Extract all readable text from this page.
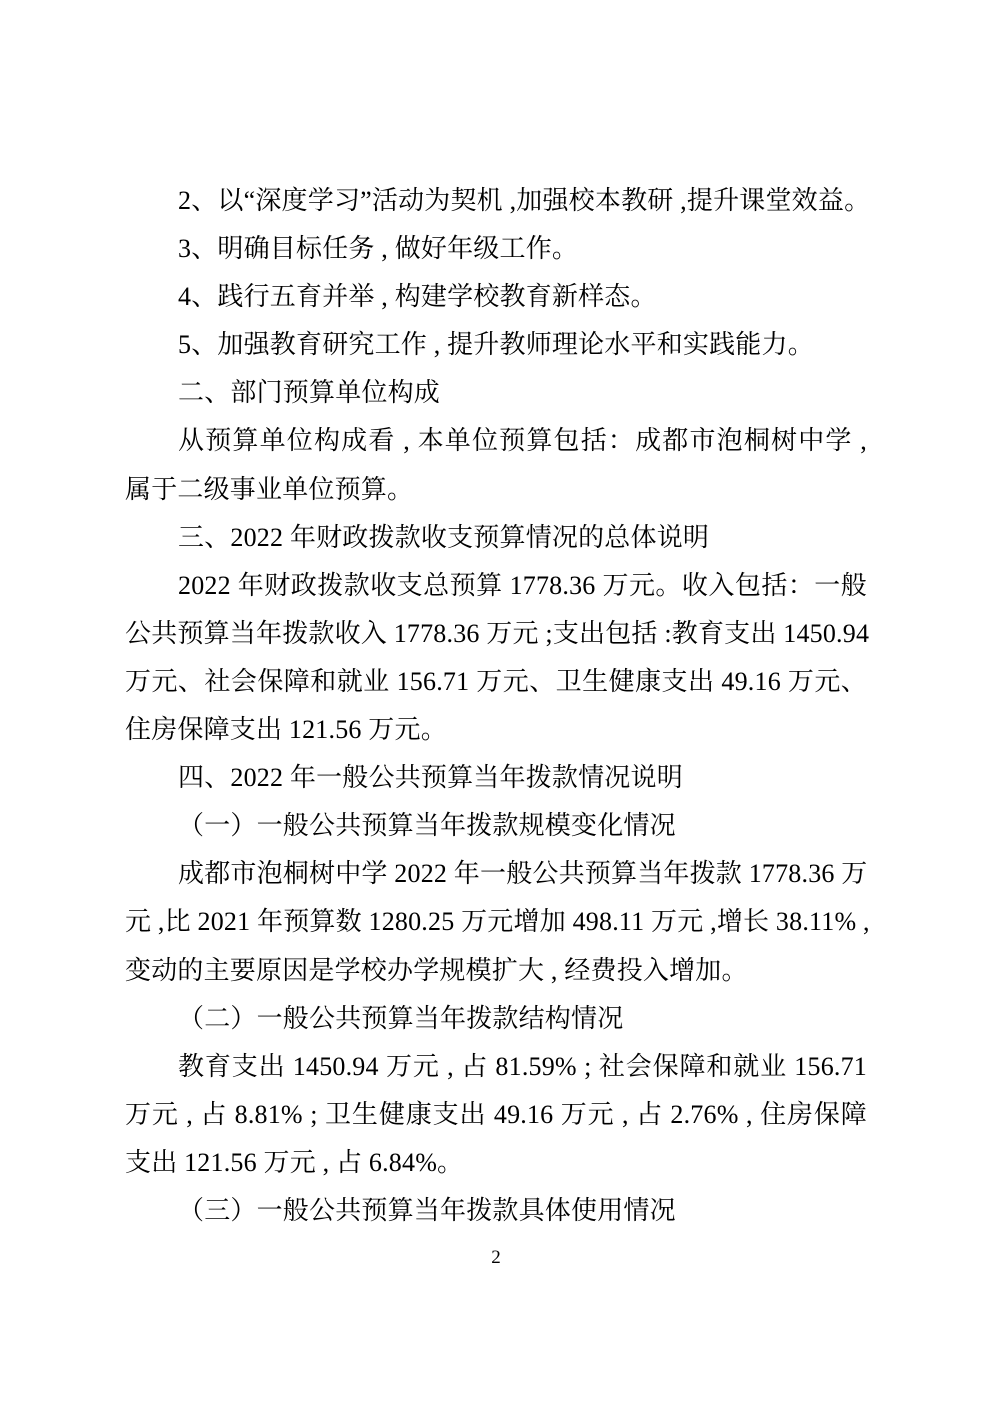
2、以“深度学习”活动为契机 ,加强校本教研 ,提升课堂效益。
3、明确目标任务 , 做好年级工作。
4、践行五育并举 , 构建学校教育新样态。
5、加强教育研究工作 , 提升教师理论水平和实践能力。
二、部门预算单位构成
从预算单位构成看 , 本单位预算包括：成都市泡桐树中学 ,
属于二级事业单位预算。
三、2022 年财政拨款收支预算情况的总体说明
2022 年财政拨款收支总预算 1778.36 万元。收入包括：一般
公共预算当年拨款收入 1778.36 万元 ;支出包括 :教育支出 1450.94
万元、社会保障和就业 156.71 万元、卫生健康支出 49.16 万元、
住房保障支出 121.56 万元。
四、2022 年一般公共预算当年拨款情况说明
（一）一般公共预算当年拨款规模变化情况
成都市泡桐树中学 2022 年一般公共预算当年拨款 1778.36 万
元 ,比 2021 年预算数 1280.25 万元增加 498.11 万元 ,增长 38.11% ,
变动的主要原因是学校办学规模扩大 , 经费投入增加。
（二）一般公共预算当年拨款结构情况
教育支出 1450.94 万元 , 占 81.59% ; 社会保障和就业 156.71
万元 , 占 8.81% ; 卫生健康支出 49.16 万元 , 占 2.76% , 住房保障
支出 121.56 万元 , 占 6.84%。
（三）一般公共预算当年拨款具体使用情况
2
